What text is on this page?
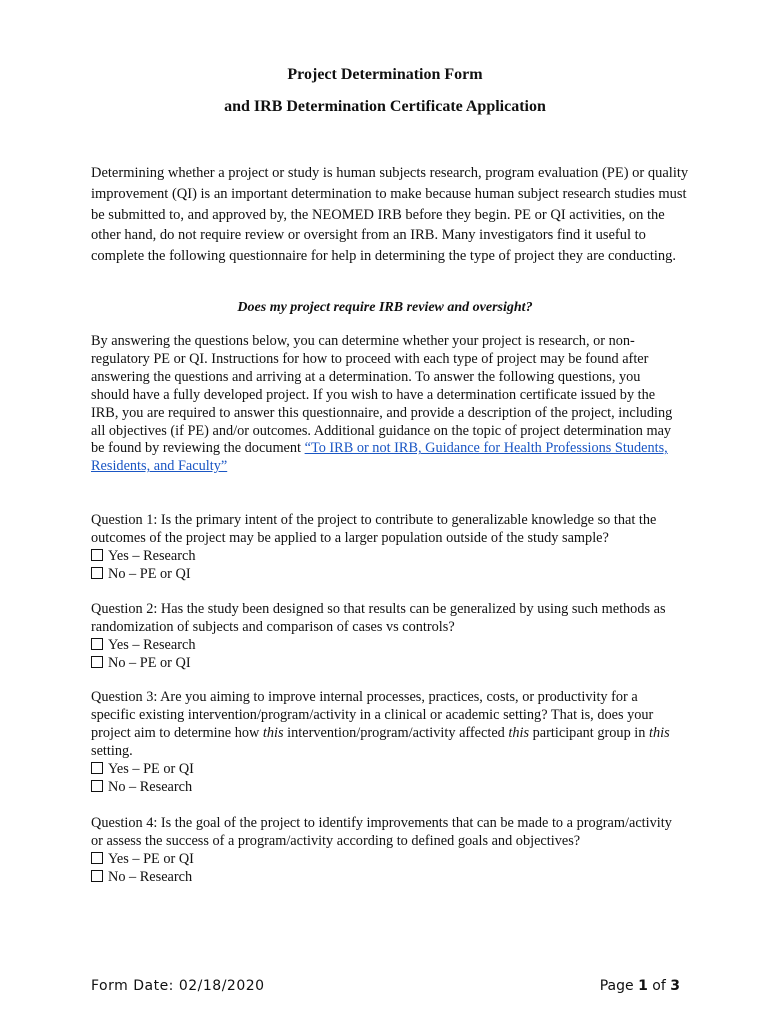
Project Determination Form
and IRB Determination Certificate Application
Determining whether a project or study is human subjects research, program evaluation (PE) or quality improvement (QI) is an important determination to make because human subject research studies must be submitted to, and approved by, the NEOMED IRB before they begin. PE or QI activities, on the other hand, do not require review or oversight from an IRB. Many investigators find it useful to complete the following questionnaire for help in determining the type of project they are conducting.
Does my project require IRB review and oversight?
By answering the questions below, you can determine whether your project is research, or non-regulatory PE or QI. Instructions for how to proceed with each type of project may be found after answering the questions and arriving at a determination. To answer the following questions, you should have a fully developed project. If you wish to have a determination certificate issued by the IRB, you are required to answer this questionnaire, and provide a description of the project, including all objectives (if PE) and/or outcomes. Additional guidance on the topic of project determination may be found by reviewing the document “To IRB or not IRB, Guidance for Health Professions Students, Residents, and Faculty”
Question 1: Is the primary intent of the project to contribute to generalizable knowledge so that the outcomes of the project may be applied to a larger population outside of the study sample?
Yes – Research
No – PE or QI
Question 2: Has the study been designed so that results can be generalized by using such methods as randomization of subjects and comparison of cases vs controls?
Yes – Research
No – PE or QI
Question 3: Are you aiming to improve internal processes, practices, costs, or productivity for a specific existing intervention/program/activity in a clinical or academic setting? That is, does your project aim to determine how this intervention/program/activity affected this participant group in this setting.
Yes – PE or QI
No – Research
Question 4: Is the goal of the project to identify improvements that can be made to a program/activity or assess the success of a program/activity according to defined goals and objectives?
Yes – PE or QI
No – Research
Form Date: 02/18/2020	Page 1 of 3
